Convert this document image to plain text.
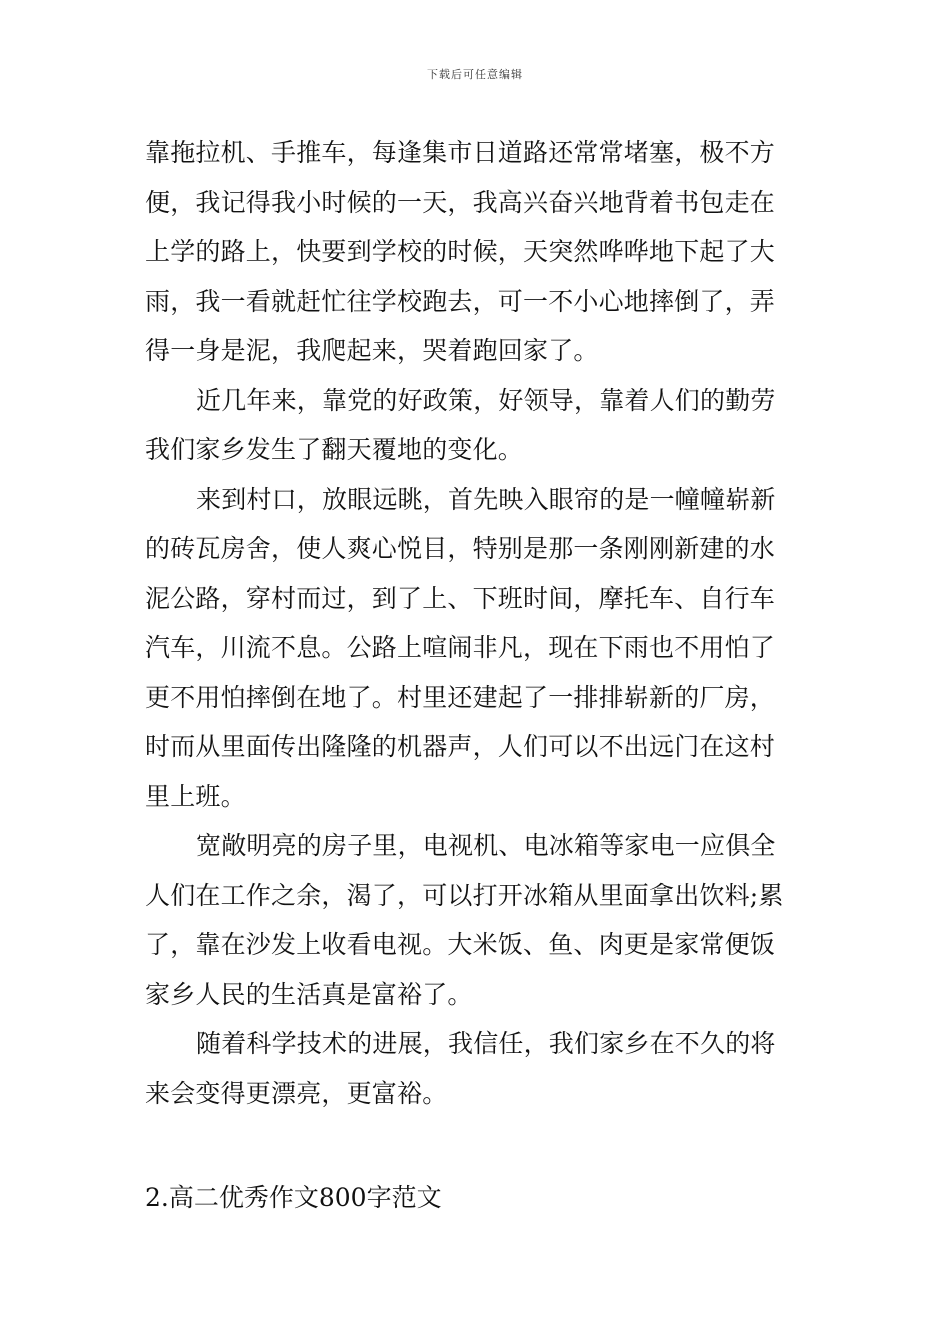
下载后可任意编辑
靠拖拉机、手推车，每逢集市日道路还常常堵塞，极不方
便，我记得我小时候的一天，我高兴奋兴地背着书包走在
上学的路上，快要到学校的时候，天突然哗哗地下起了大
雨，我一看就赶忙往学校跑去，可一不小心地摔倒了，弄
得一身是泥，我爬起来，哭着跑回家了。
近几年来，靠党的好政策，好领导，靠着人们的勤劳
我们家乡发生了翻天覆地的变化。
来到村口，放眼远眺，首先映入眼帘的是一幢幢崭新
的砖瓦房舍，使人爽心悦目，特别是那一条刚刚新建的水
泥公路，穿村而过，到了上、下班时间，摩托车、自行车
汽车，川流不息。公路上喧闹非凡，现在下雨也不用怕了
更不用怕摔倒在地了。村里还建起了一排排崭新的厂房，
时而从里面传出隆隆的机器声，人们可以不出远门在这村
里上班。
宽敞明亮的房子里，电视机、电冰箱等家电一应俱全
人们在工作之余，渴了，可以打开冰箱从里面拿出饮料;累
了，靠在沙发上收看电视。大米饭、鱼、肉更是家常便饭
家乡人民的生活真是富裕了。
随着科学技术的进展，我信任，我们家乡在不久的将
来会变得更漂亮，更富裕。
2.高二优秀作文800字范文
